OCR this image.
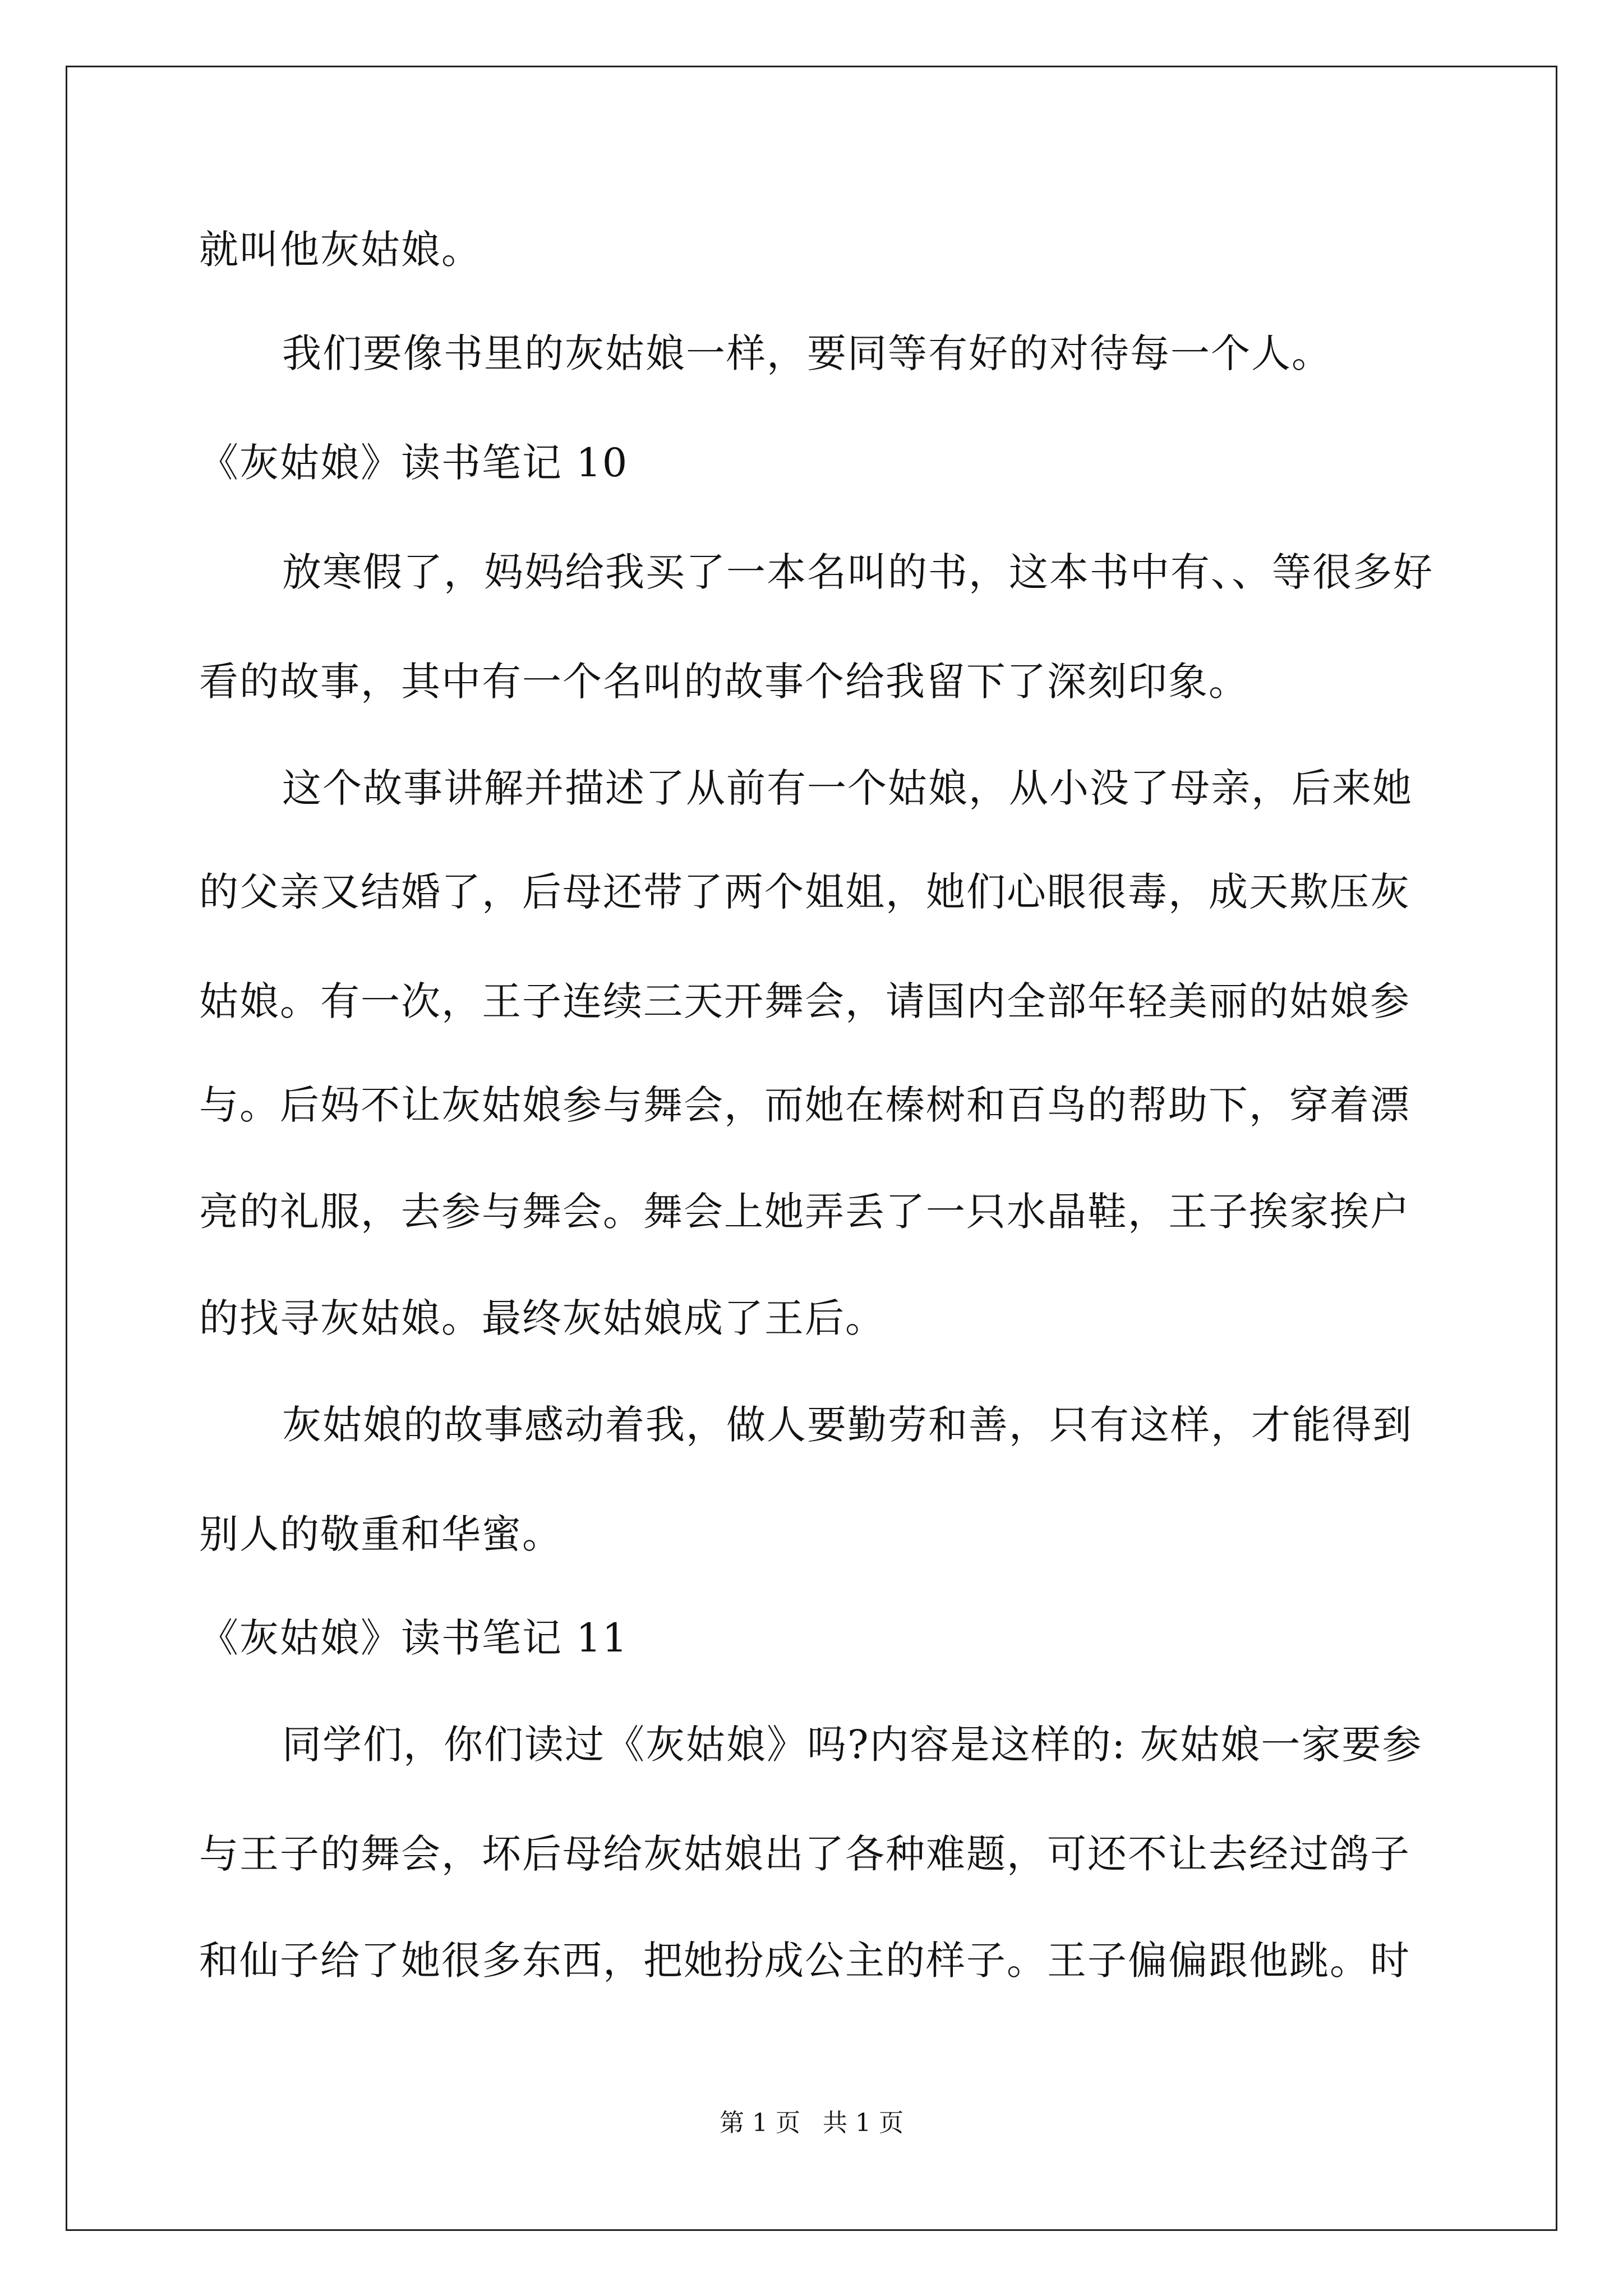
就叫他灰姑娘。
我们要像书里的灰姑娘一样，要同等有好的对待每一个人。
《灰姑娘》读书笔记 10
放寒假了，妈妈给我买了一本名叫的书，这本书中有、、等很多好
看的故事，其中有一个名叫的故事个给我留下了深刻印象。
这个故事讲解并描述了从前有一个姑娘，从小没了母亲，后来她
的父亲又结婚了，后母还带了两个姐姐，她们心眼很毒，成天欺压灰
姑娘。有一次，王子连续三天开舞会，请国内全部年轻美丽的姑娘参
与。后妈不让灰姑娘参与舞会，而她在榛树和百鸟的帮助下，穿着漂
亮的礼服，去参与舞会。舞会上她弄丢了一只水晶鞋，王子挨家挨户
的找寻灰姑娘。最终灰姑娘成了王后。
灰姑娘的故事感动着我，做人要勤劳和善，只有这样，才能得到
别人的敬重和华蜜。
《灰姑娘》读书笔记 11
同学们，你们读过《灰姑娘》吗?内容是这样的: 灰姑娘一家要参
与王子的舞会，坏后母给灰姑娘出了各种难题，可还不让去经过鸽子
和仙子给了她很多东西，把她扮成公主的样子。王子偏偏跟他跳。时
第 1 页 共 1 页
